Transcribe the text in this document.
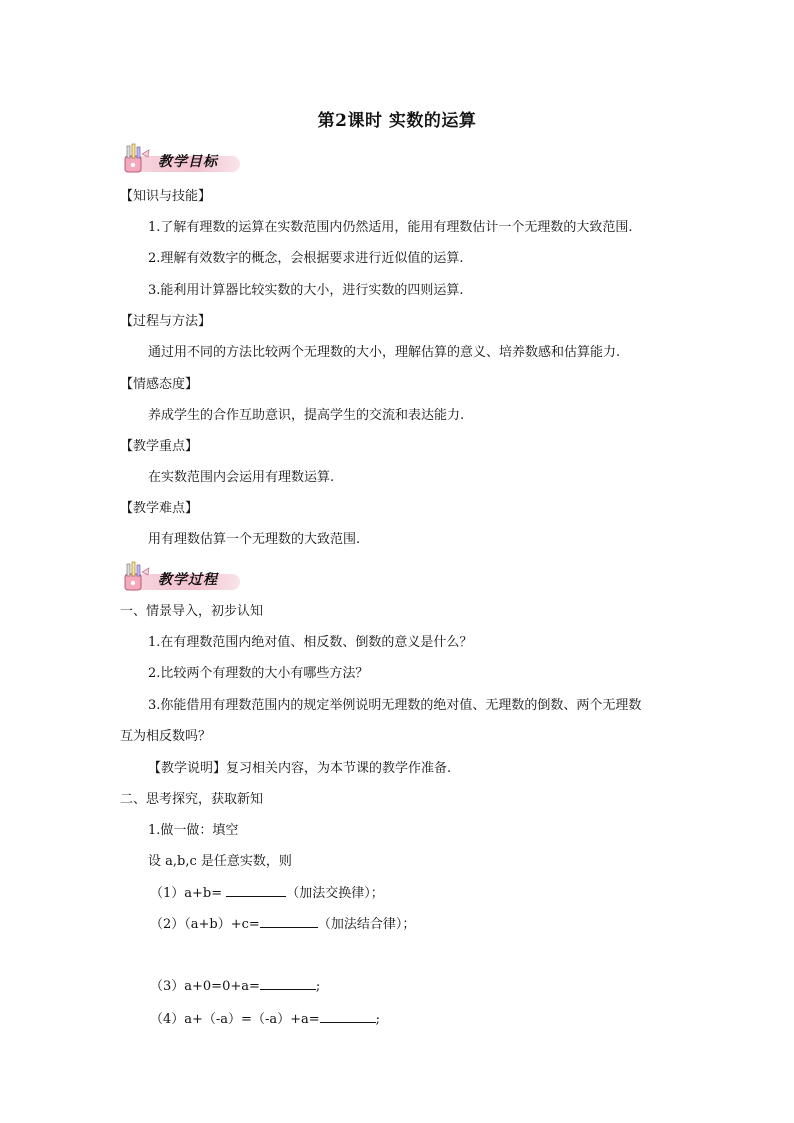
第2课时 实数的运算
教学目标
【知识与技能】
1.了解有理数的运算在实数范围内仍然适用，能用有理数估计一个无理数的大致范围.
2.理解有效数字的概念，会根据要求进行近似值的运算.
3.能利用计算器比较实数的大小，进行实数的四则运算.
【过程与方法】
通过用不同的方法比较两个无理数的大小，理解估算的意义、培养数感和估算能力.
【情感态度】
养成学生的合作互助意识，提高学生的交流和表达能力.
【教学重点】
在实数范围内会运用有理数运算.
【教学难点】
用有理数估算一个无理数的大致范围.
教学过程
一、情景导入，初步认知
1.在有理数范围内绝对值、相反数、倒数的意义是什么？
2.比较两个有理数的大小有哪些方法？
3.你能借用有理数范围内的规定举例说明无理数的绝对值、无理数的倒数、两个无理数
互为相反数吗？
【教学说明】复习相关内容，为本节课的教学作准备.
二、思考探究，获取新知
1.做一做：填空
设 a,b,c 是任意实数，则
（1）a+b=	（加法交换律）；
（2）（a+b）+c=	（加法结合律）；
（3）a+0=0+a=	;
（4）a+（-a）=（-a）+a=	;
